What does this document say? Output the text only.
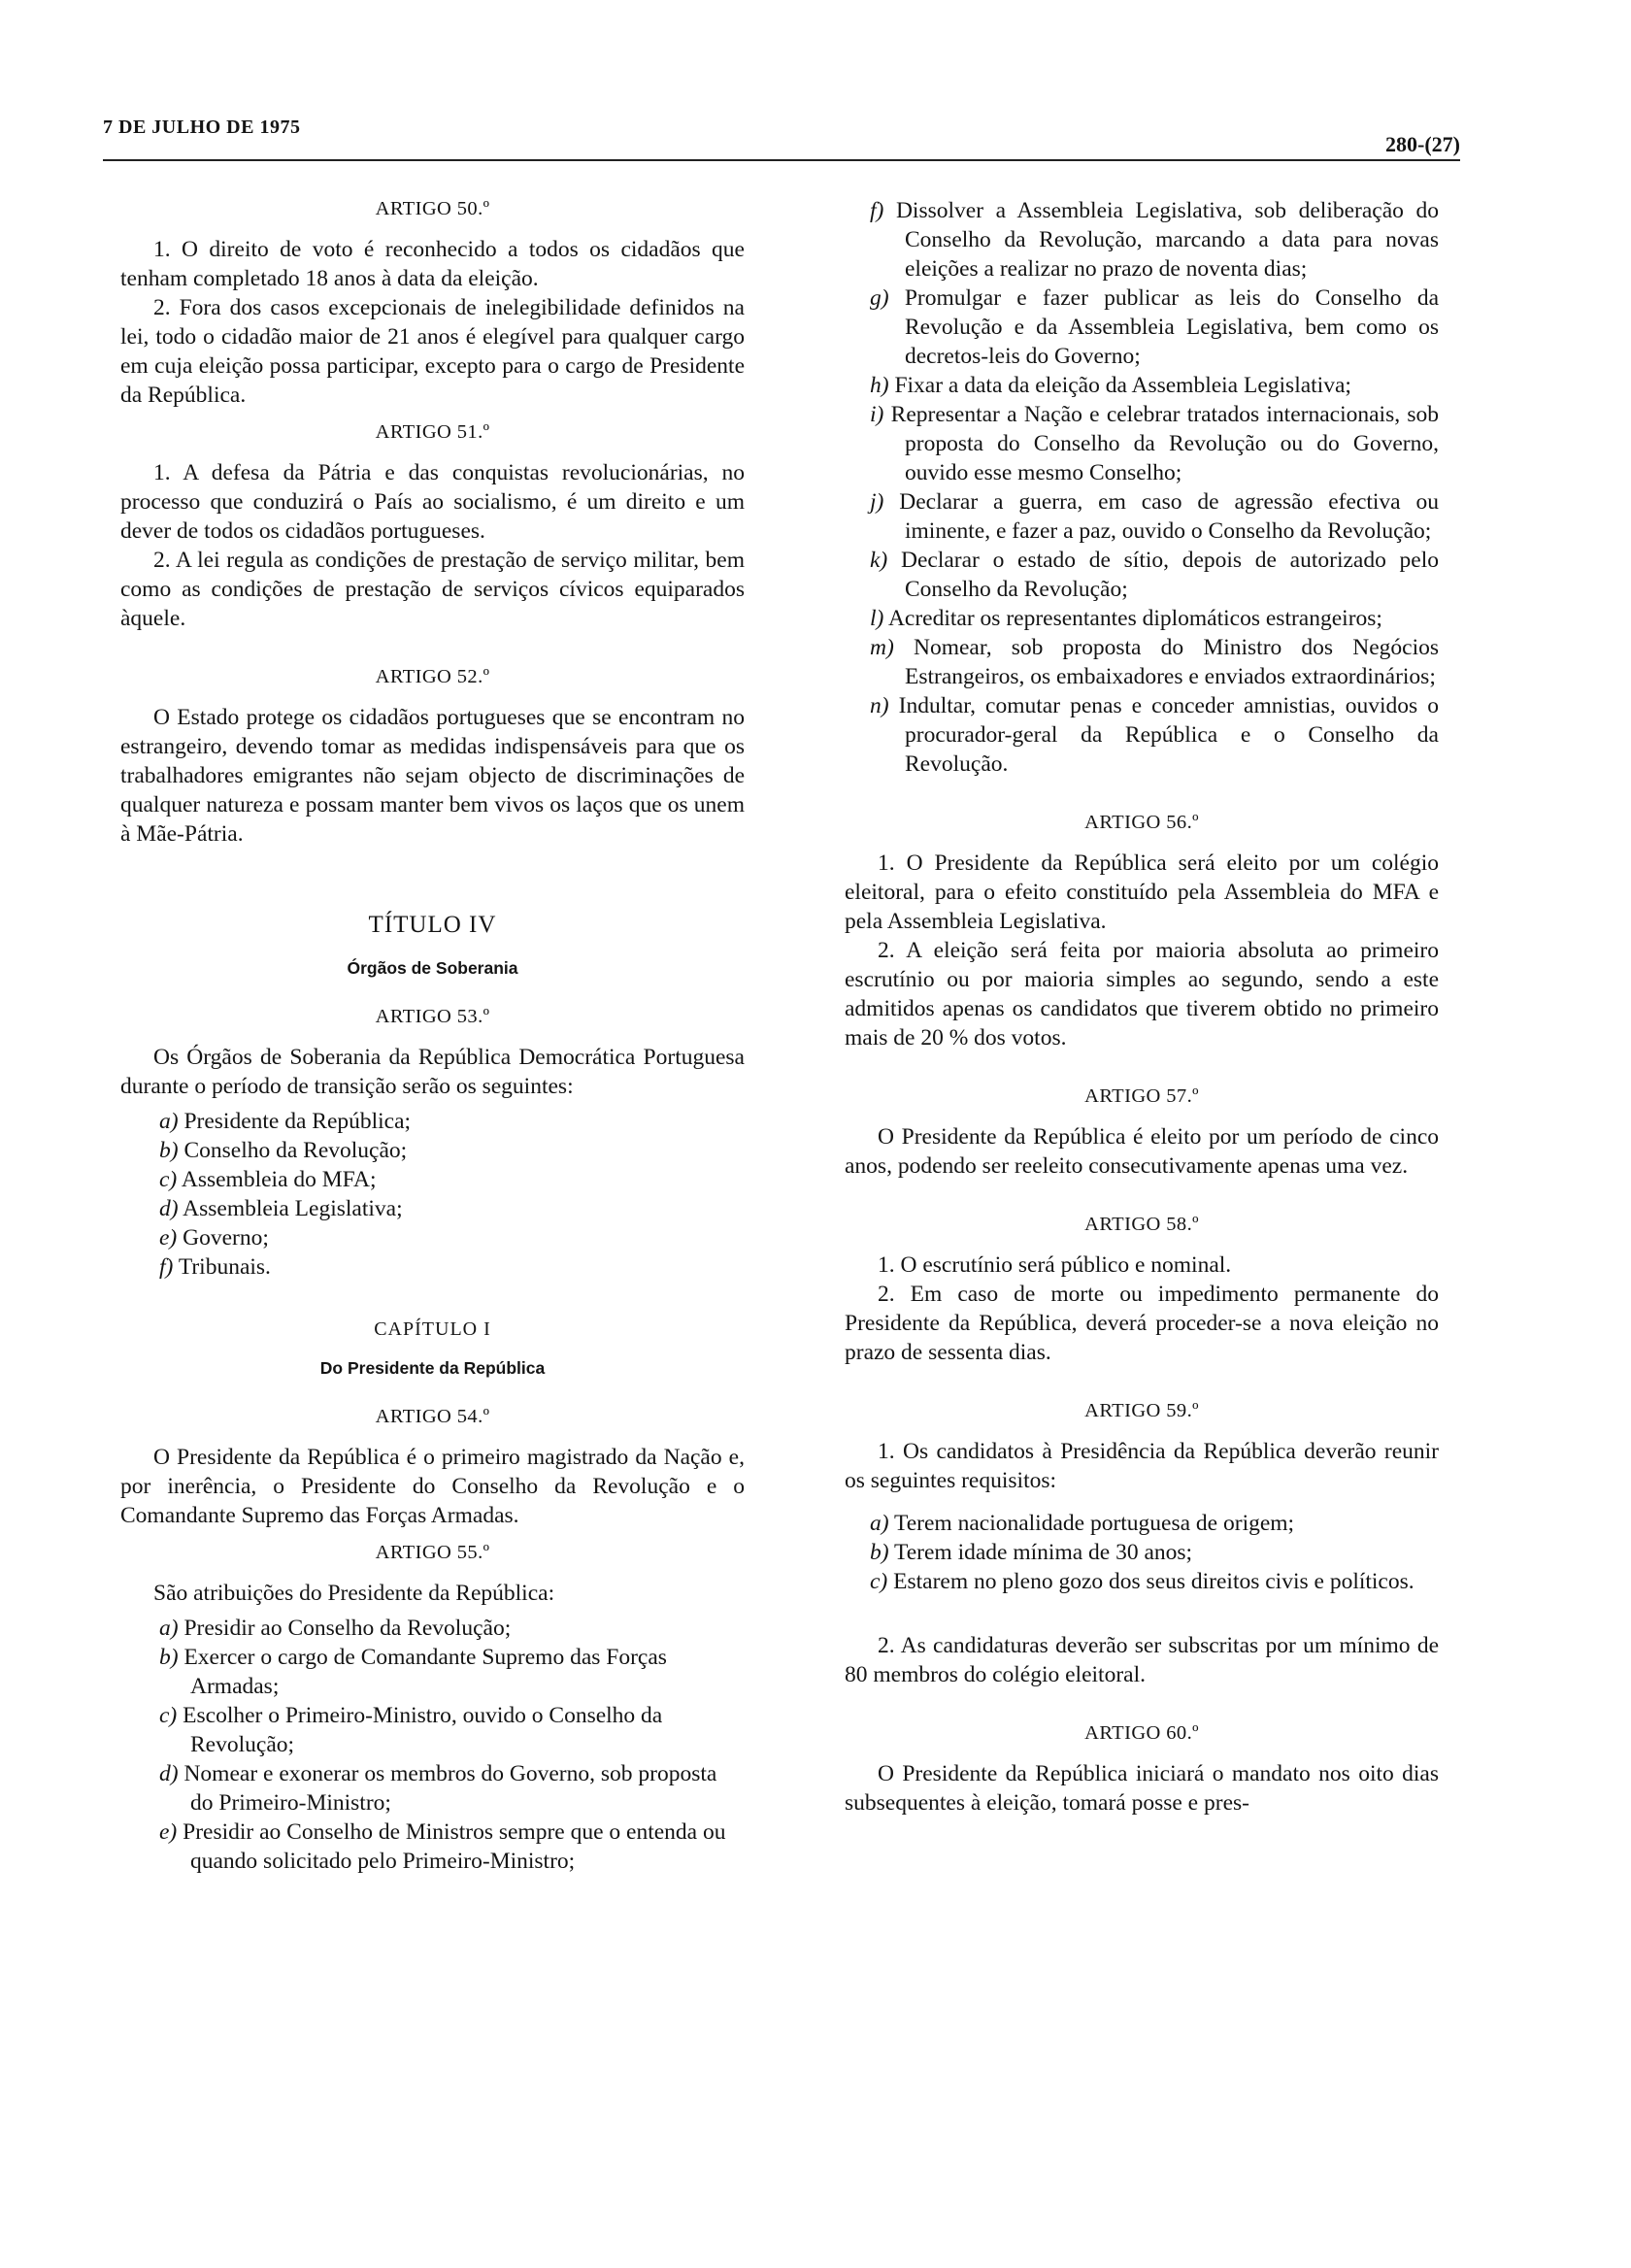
7 DE JULHO DE 1975
280-(27)
ARTIGO 50.º

1. O direito de voto é reconhecido a todos os cidadãos que tenham completado 18 anos à data da eleição.

2. Fora dos casos excepcionais de inelegibilidade definidos na lei, todo o cidadão maior de 21 anos é elegível para qualquer cargo em cuja eleição possa participar, excepto para o cargo de Presidente da República.

ARTIGO 51.º

1. A defesa da Pátria e das conquistas revolucionárias, no processo que conduzirá o País ao socialismo, é um direito e um dever de todos os cidadãos portugueses.

2. A lei regula as condições de prestação de serviço militar, bem como as condições de prestação de serviços cívicos equiparados àquele.

ARTIGO 52.º

O Estado protege os cidadãos portugueses que se encontram no estrangeiro, devendo tomar as medidas indispensáveis para que os trabalhadores emigrantes não sejam objecto de discriminações de qualquer natureza e possam manter bem vivos os laços que os unem à Mãe-Pátria.

TÍTULO IV
Órgãos de Soberania
ARTIGO 53.º

Os Órgãos de Soberania da República Democrática Portuguesa durante o período de transição serão os seguintes:

a) Presidente da República;
b) Conselho da Revolução;
c) Assembleia do MFA;
d) Assembleia Legislativa;
e) Governo;
f) Tribunais.
CAPÍTULO I
Do Presidente da República
ARTIGO 54.º

O Presidente da República é o primeiro magistrado da Nação e, por inerência, o Presidente do Conselho da Revolução e o Comandante Supremo das Forças Armadas.

ARTIGO 55.º

São atribuições do Presidente da República:

a) Presidir ao Conselho da Revolução;
b) Exercer o cargo de Comandante Supremo das Forças Armadas;
c) Escolher o Primeiro-Ministro, ouvido o Conselho da Revolução;
d) Nomear e exonerar os membros do Governo, sob proposta do Primeiro-Ministro;
e) Presidir ao Conselho de Ministros sempre que o entenda ou quando solicitado pelo Primeiro-Ministro;
f) Dissolver a Assembleia Legislativa, sob deliberação do Conselho da Revolução, marcando a data para novas eleições a realizar no prazo de noventa dias;
g) Promulgar e fazer publicar as leis do Conselho da Revolução e da Assembleia Legislativa, bem como os decretos-leis do Governo;
h) Fixar a data da eleição da Assembleia Legislativa;
i) Representar a Nação e celebrar tratados internacionais, sob proposta do Conselho da Revolução ou do Governo, ouvido esse mesmo Conselho;
j) Declarar a guerra, em caso de agressão efectiva ou iminente, e fazer a paz, ouvido o Conselho da Revolução;
k) Declarar o estado de sítio, depois de autorizado pelo Conselho da Revolução;
l) Acreditar os representantes diplomáticos estrangeiros;
m) Nomear, sob proposta do Ministro dos Negócios Estrangeiros, os embaixadores e enviados extraordinários;
n) Indultar, comutar penas e conceder amnistias, ouvidos o procurador-geral da República e o Conselho da Revolução.
ARTIGO 56.º

1. O Presidente da República será eleito por um colégio eleitoral, para o efeito constituído pela Assembleia do MFA e pela Assembleia Legislativa.

2. A eleição será feita por maioria absoluta ao primeiro escrutínio ou por maioria simples ao segundo, sendo a este admitidos apenas os candidatos que tiverem obtido no primeiro mais de 20 % dos votos.

ARTIGO 57.º

O Presidente da República é eleito por um período de cinco anos, podendo ser reeleito consecutivamente apenas uma vez.

ARTIGO 58.º

1. O escrutínio será público e nominal.

2. Em caso de morte ou impedimento permanente do Presidente da República, deverá proceder-se a nova eleição no prazo de sessenta dias.

ARTIGO 59.º

1. Os candidatos à Presidência da República deverão reunir os seguintes requisitos:

a) Terem nacionalidade portuguesa de origem;
b) Terem idade mínima de 30 anos;
c) Estarem no pleno gozo dos seus direitos civis e políticos.

2. As candidaturas deverão ser subscritas por um mínimo de 80 membros do colégio eleitoral.

ARTIGO 60.º

O Presidente da República iniciará o mandato nos oito dias subsequentes à eleição, tomará posse e pres-
